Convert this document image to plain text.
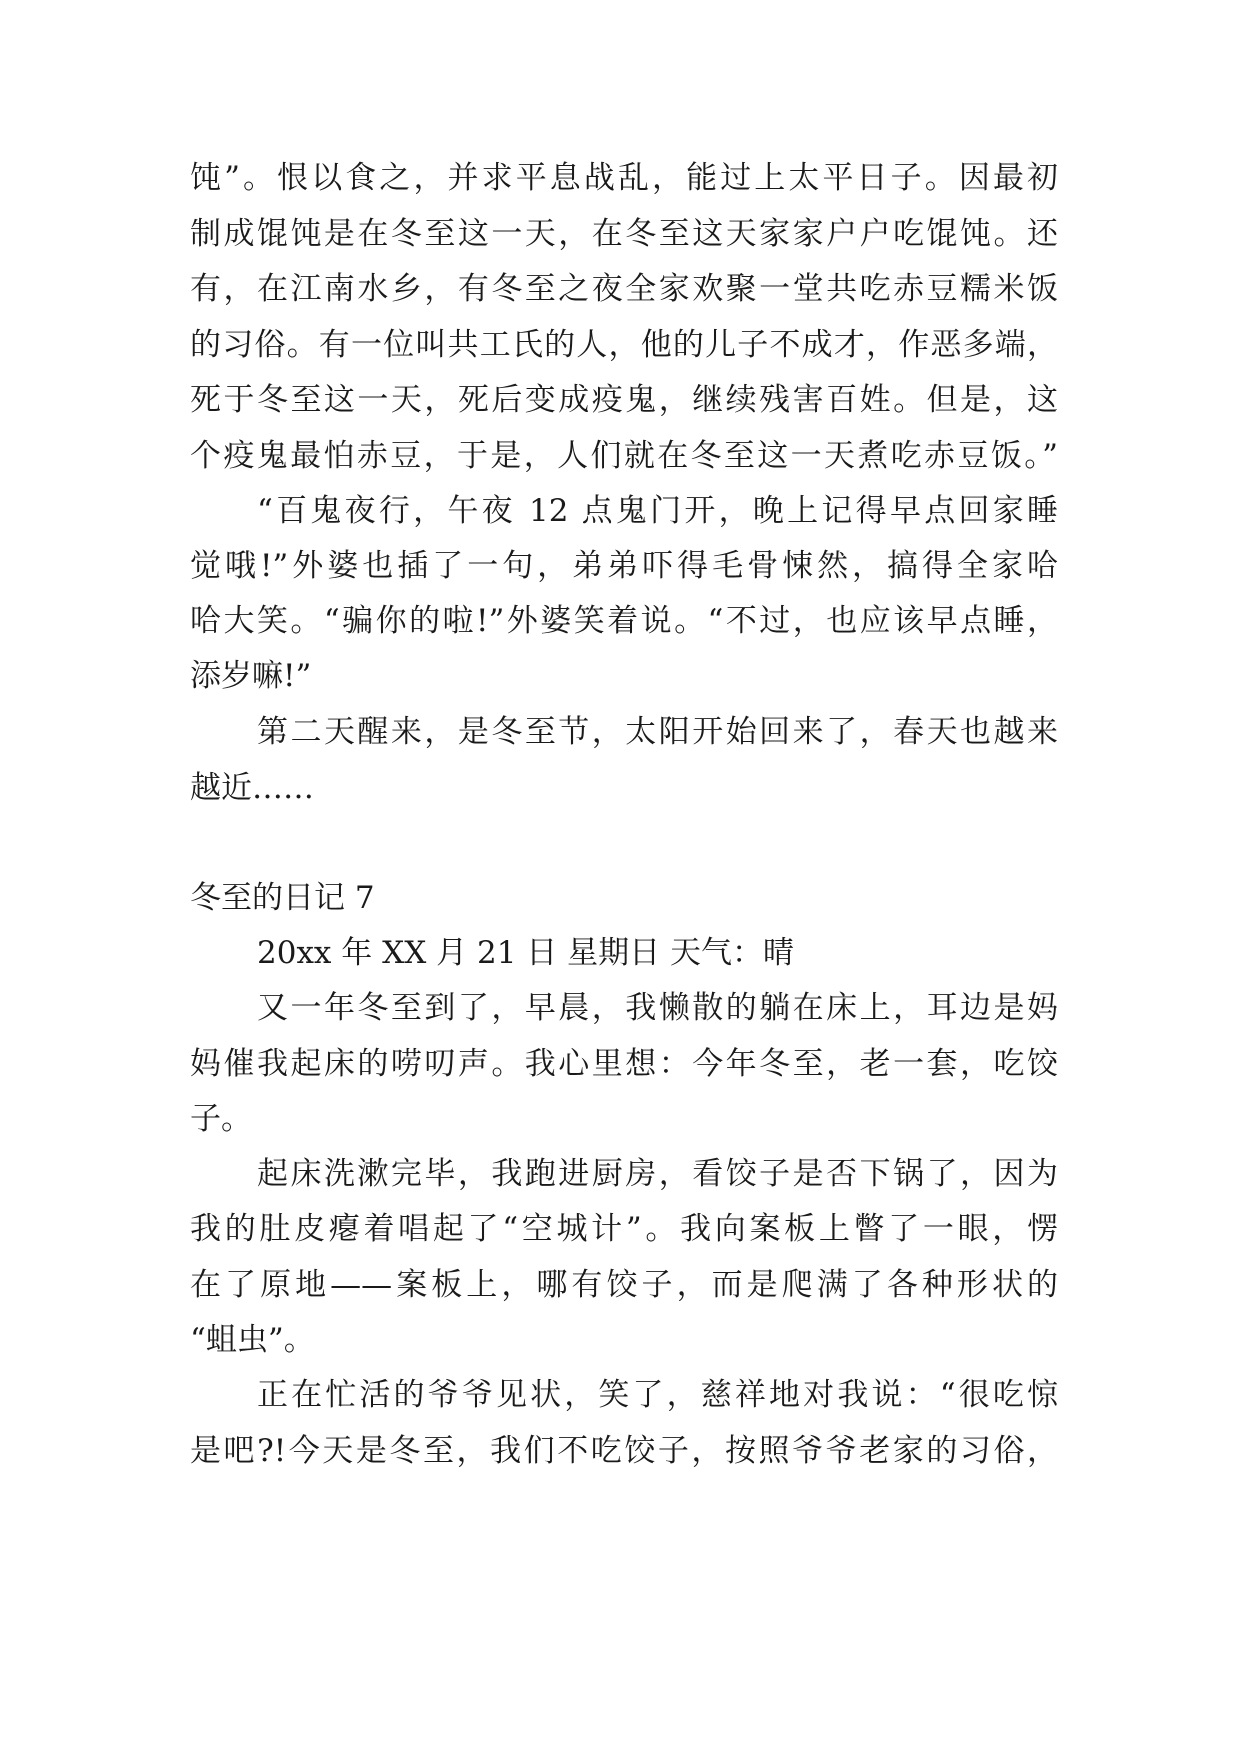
饨”。恨以食之，并求平息战乱，能过上太平日子。因最初
制成馄饨是在冬至这一天，在冬至这天家家户户吃馄饨。还
有，在江南水乡，有冬至之夜全家欢聚一堂共吃赤豆糯米饭
的习俗。有一位叫共工氏的人，他的儿子不成才，作恶多端，
死于冬至这一天，死后变成疫鬼，继续残害百姓。但是，这
个疫鬼最怕赤豆，于是，人们就在冬至这一天煮吃赤豆饭。”
“百鬼夜行，午夜 12 点鬼门开，晚上记得早点回家睡
觉哦!”外婆也插了一句，弟弟吓得毛骨悚然，搞得全家哈
哈大笑。“骗你的啦!”外婆笑着说。“不过，也应该早点睡，
添岁嘛!”
第二天醒来，是冬至节，太阳开始回来了，春天也越来
越近……
冬至的日记 7
20xx 年 XX 月 21 日 星期日 天气：晴
又一年冬至到了，早晨，我懒散的躺在床上，耳边是妈
妈催我起床的唠叨声。我心里想：今年冬至，老一套，吃饺
子。
起床洗漱完毕，我跑进厨房，看饺子是否下锅了，因为
我的肚皮瘪着唱起了“空城计”。我向案板上瞥了一眼，愣
在了原地——案板上，哪有饺子，而是爬满了各种形状的
“蛆虫”。
正在忙活的爷爷见状，笑了，慈祥地对我说：“很吃惊
是吧?!今天是冬至，我们不吃饺子，按照爷爷老家的习俗，
